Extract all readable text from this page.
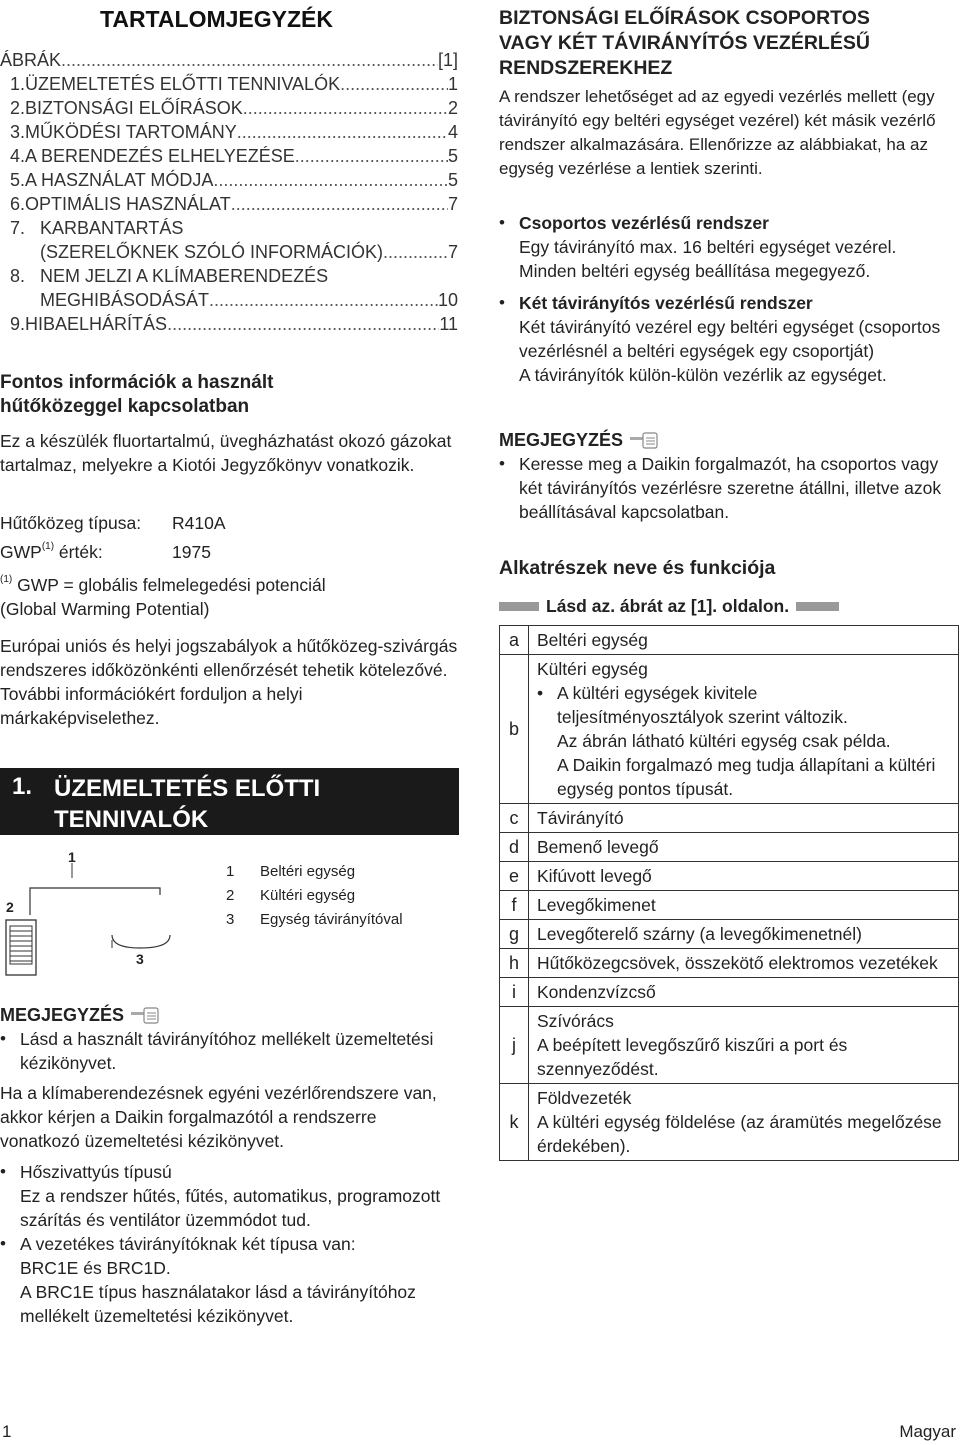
TARTALOMJEGYZÉK
ÁBRÁK .....	[1]
1. ÜZEMELTETÉS ELŐTTI TENNIVALÓK .....	1
2. BIZTONSÁGI ELŐÍRÁSOK .....	2
3. MŰKÖDÉSI TARTOMÁNY .....	4
4. A BERENDEZÉS ELHELYEZÉSE .....	5
5. A HASZNÁLAT MÓDJA .....	5
6. OPTIMÁLIS HASZNÁLAT .....	7
7. KARBANTARTÁS
(SZERELŐKNEK SZÓLÓ INFORMÁCIÓK) .....	7
8. NEM JELZI A KLÍMABERENDEZÉS
MEGHIBÁSODÁSÁT .....	10
9. HIBAELHÁRÍTÁS .....	11
Fontos információk a használt
hűtőközeggel kapcsolatban

Ez a készülék fluortartalmú, üvegházhatást okozó gázokat tartalmaz, melyekre a Kiotói Jegyzőkönyv vonatkozik.

Hűtőközeg típusa: R410A
GWP$^{(1)}$ érték:	1975
$^{(1)}$ GWP = globális felmelegedési potenciál
(Global Warming Potential)

Európai uniós és helyi jogszabályok a hűtőközeg-szivárgás rendszeres időközönkénti ellenőrzését tehetik kötelezővé. További információkért forduljon a helyi márkaképviselethez.

1. ÜZEMELTETÉS ELŐTTI
TENNIVALÓK
1
2
3
1 Beltéri egység
2 Kültéri egység
3 Egység távirányítóval
MEGJEGYZÉS
•
Lásd a használt távirányítóhoz mellékelt üzemeltetési kézikönyvet.

Ha a klímaberendezésnek egyéni vezérlőrendszere van, akkor kérjen a Daikin forgalmazótól a rendszerre vonatkozó üzemeltetési kézikönyvet.

•
Hőszivattyús típusú
Ez a rendszer hűtés, fűtés, automatikus, programozott szárítás és ventilátor üzemmódot tud.
•
A vezetékes távirányítóknak két típusa van:
BRC1E és BRC1D.
A BRC1E típus használatakor lásd a távirányítóhoz mellékelt üzemeltetési kézikönyvet.
BIZTONSÁGI ELŐÍRÁSOK CSOPORTOS
VAGY KÉT TÁVIRÁNYÍTÓS VEZÉRLÉSŰ
RENDSZEREKHEZ

A rendszer lehetőséget ad az egyedi vezérlés mellett (egy távirányító egy beltéri egységet vezérel) két másik vezérlő rendszer alkalmazására. Ellenőrizze az alábbiakat, ha az egység vezérlése a lentiek szerinti.

•
Csoportos vezérlésű rendszer
Egy távirányító max. 16 beltéri egységet vezérel.
Minden beltéri egység beállítása megegyező.
•
Két távirányítós vezérlésű rendszer
Két távirányító vezérel egy beltéri egységet (csoportos vezérlésnél a beltéri egységek egy csoportját)
A távirányítók külön-külön vezérlik az egységet.
MEGJEGYZÉS
•
Keresse meg a Daikin forgalmazót, ha csoportos vagy két távirányítós vezérlésre szeretne átállni, illetve azok beállításával kapcsolatban.
Alkatrészek neve és funkciója
Lásd az. ábrát az [1]. oldalon.
a	Beltéri egység
b	Kültéri egység
•
A kültéri egységek kivitele
teljesítményosztályok szerint változik.
Az ábrán látható kültéri egység csak példa.
A Daikin forgalmazó meg tudja állapítani a kültéri egység pontos típusát.

c	Távirányító
d	Bemenő levegő
e	Kifúvott levegő
f	Levegőkimenet
g	Levegőterelő szárny (a levegőkimenetnél)
h	Hűtőközegcsövek, összekötő elektromos vezetékek
i	Kondenzvízcső
j	Szívórács
A beépített levegőszűrő kiszűri a port és szennyeződést.
k	Földvezeték
A kültéri egység földelése (az áramütés megelőzése érdekében).
1	Magyar
